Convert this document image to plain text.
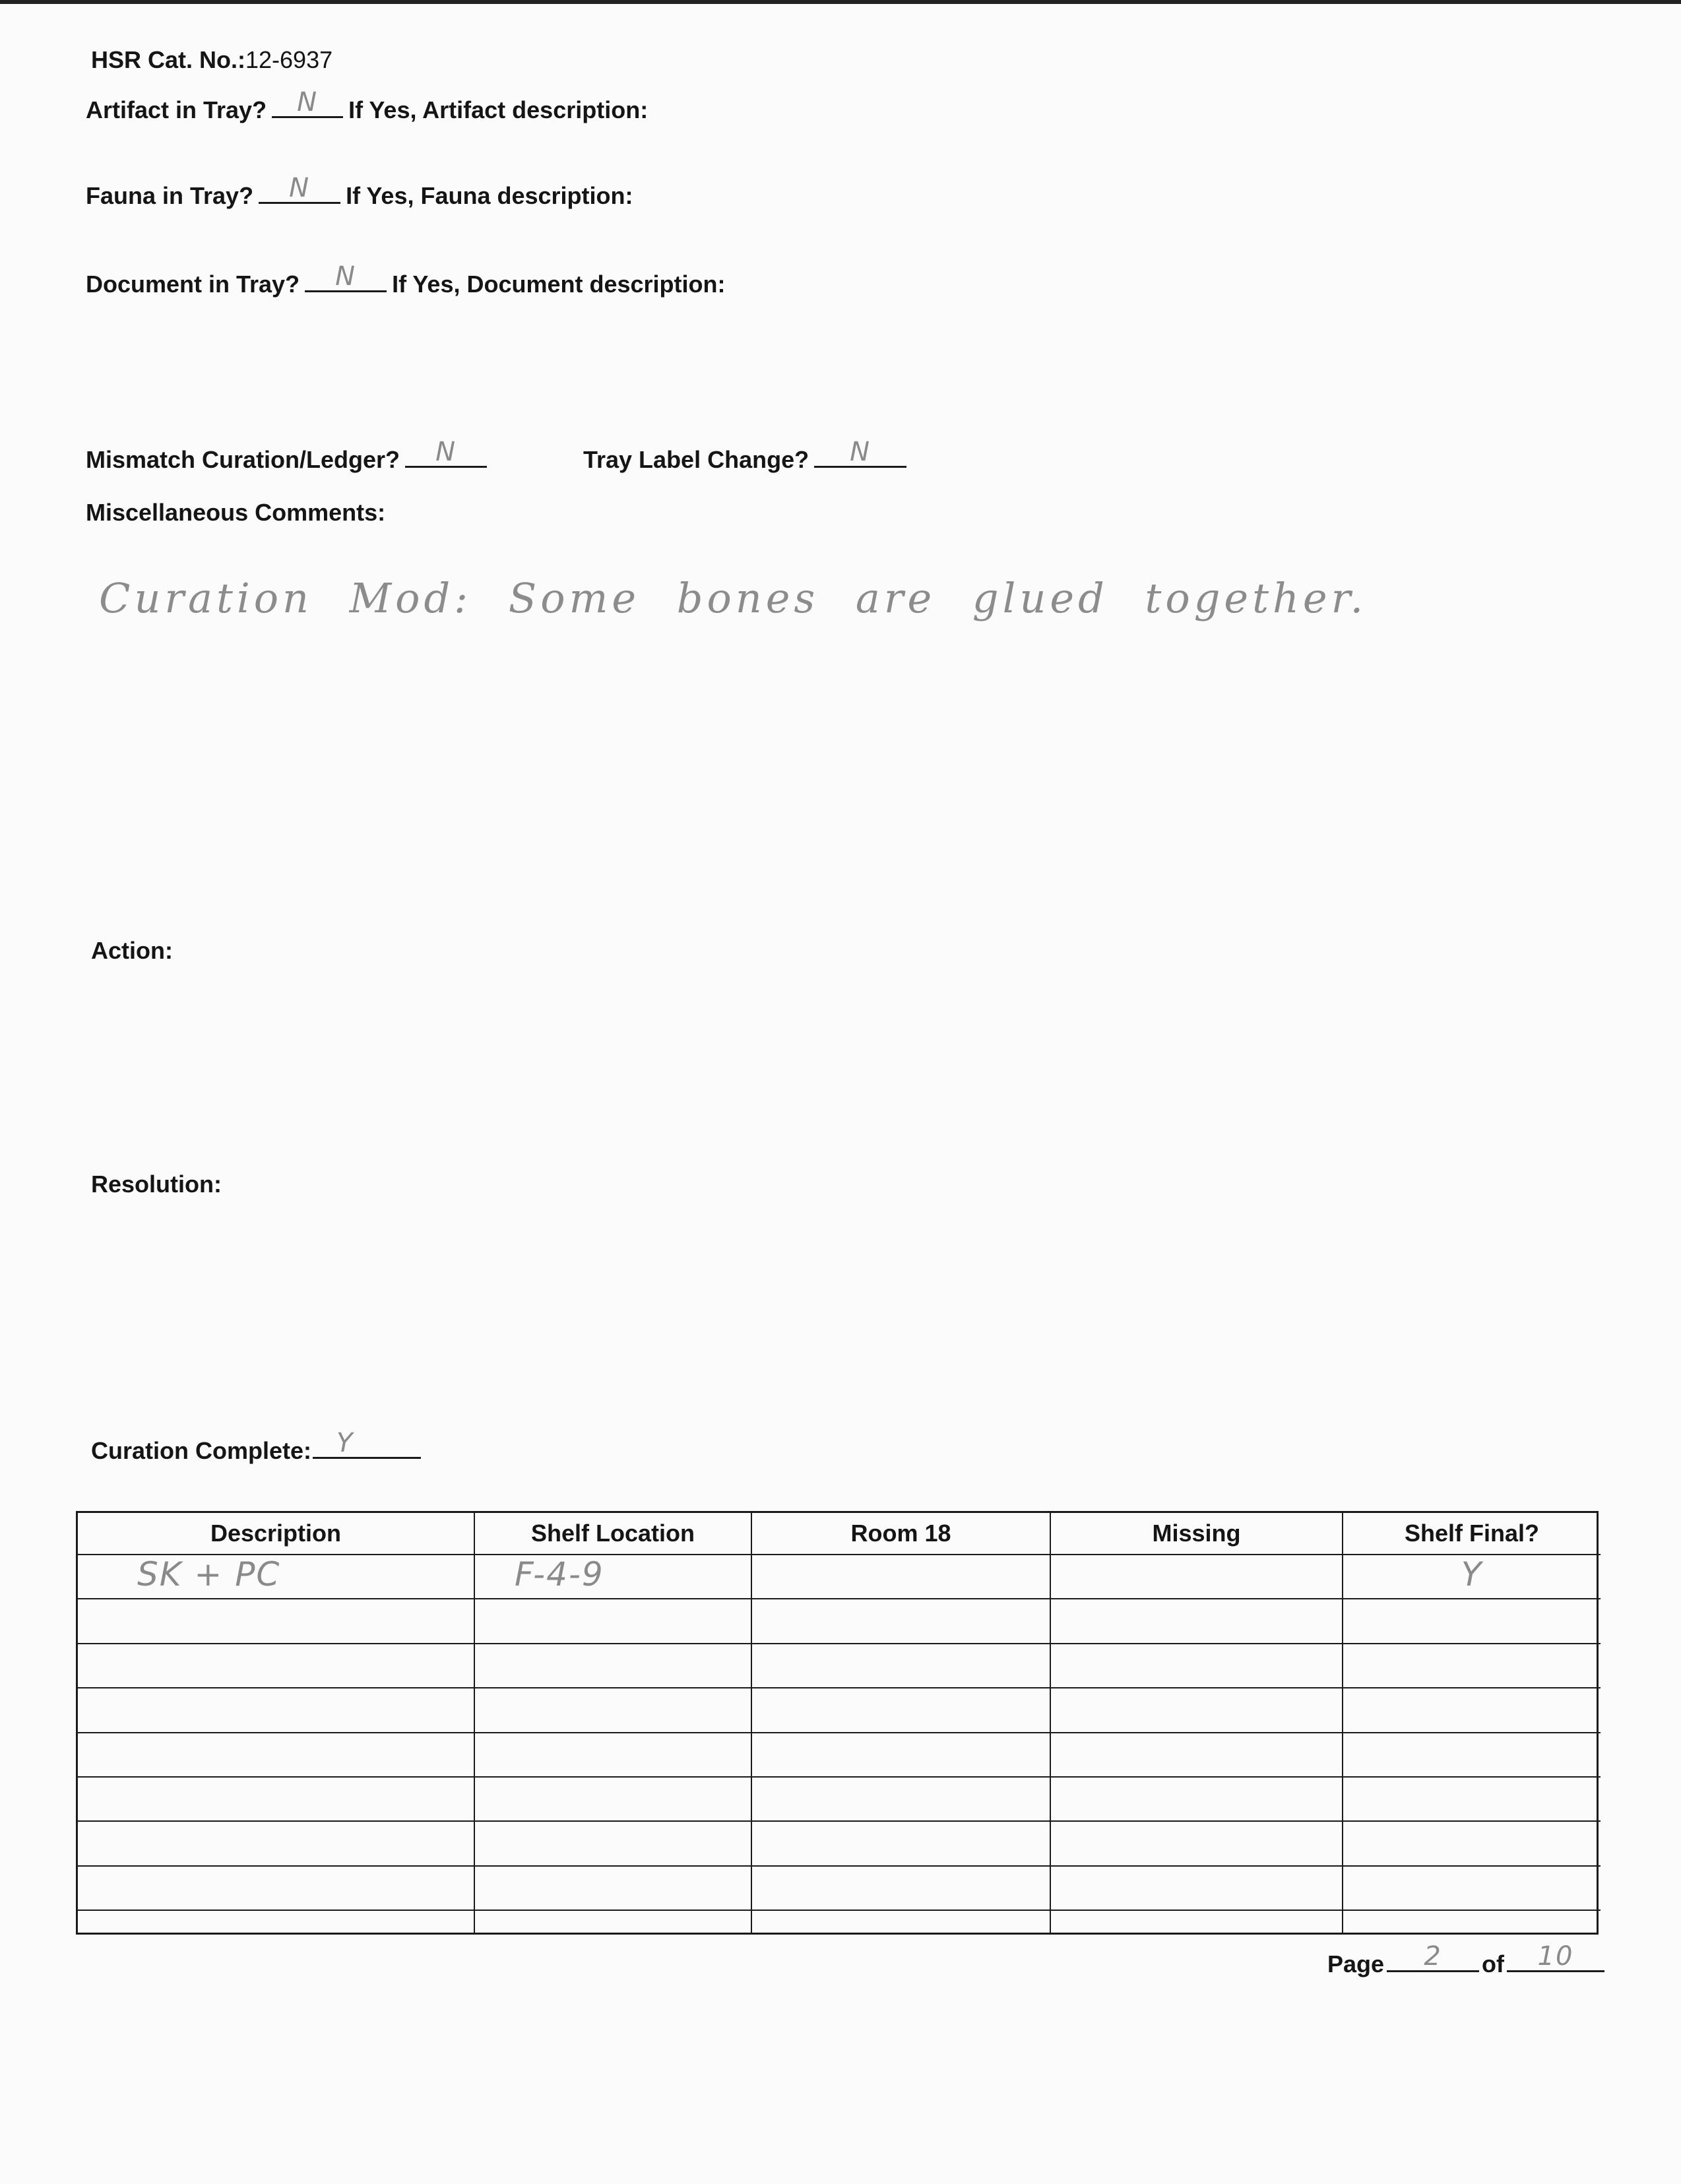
HSR Cat. No.:12-6937
Artifact in Tray? N If Yes, Artifact description:
Fauna in Tray? N If Yes, Fauna description:
Document in Tray? N If Yes, Document description:
Mismatch Curation/Ledger? N	Tray Label Change? N
Miscellaneous Comments:
Curation Mod: Some bones are glued together.
Action:
Resolution:
Curation Complete: Y
Description	Shelf Location	Room 18	Missing	Shelf Final?

SK + PC	F-4-9			Y

Page 2 of 10
